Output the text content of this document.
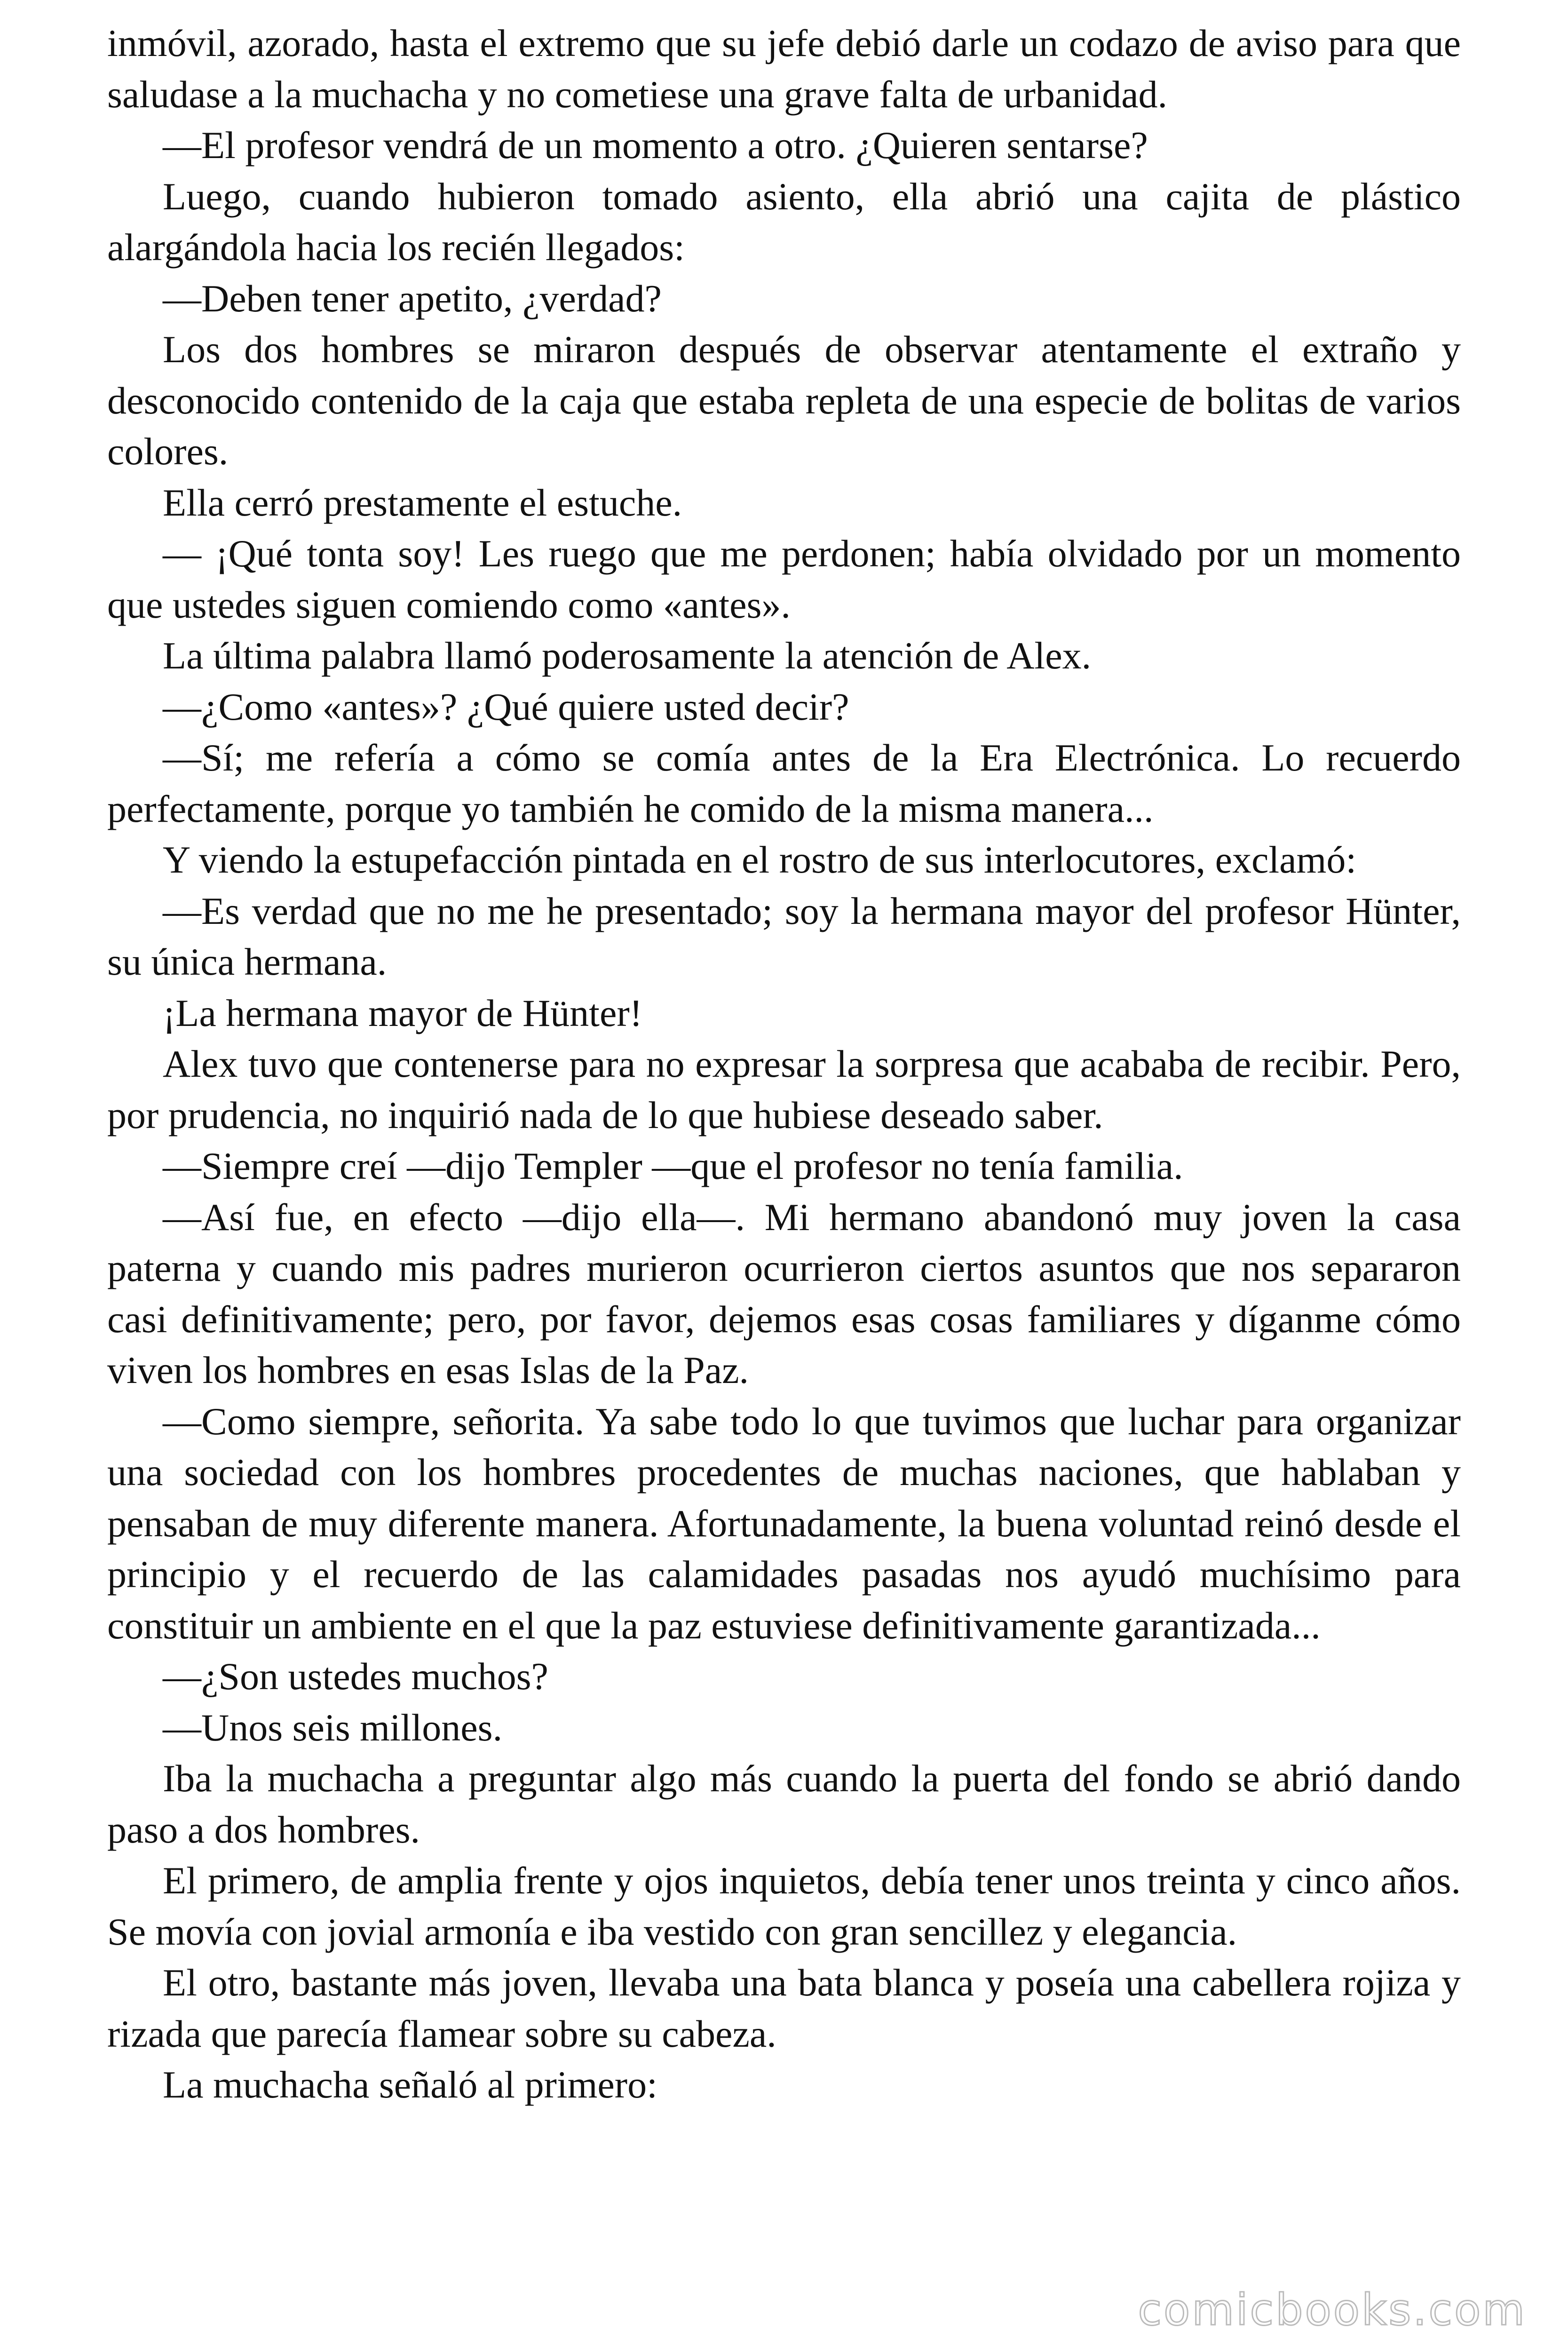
inmóvil, azorado, hasta el extremo que su jefe debió darle un codazo de aviso para que saludase a la muchacha y no cometiese una grave falta de urbanidad.

—El profesor vendrá de un momento a otro. ¿Quieren sentarse?

Luego, cuando hubieron tomado asiento, ella abrió una cajita de plástico alargándola hacia los recién llegados:

—Deben tener apetito, ¿verdad?

Los dos hombres se miraron después de observar atentamente el extraño y desconocido contenido de la caja que estaba repleta de una especie de bolitas de varios colores.

Ella cerró prestamente el estuche.

— ¡Qué tonta soy! Les ruego que me perdonen; había olvidado por un momento que ustedes siguen comiendo como «antes».

La última palabra llamó poderosamente la atención de Alex.

—¿Como «antes»? ¿Qué quiere usted decir?

—Sí; me refería a cómo se comía antes de la Era Electrónica. Lo recuerdo perfectamente, porque yo también he comido de la misma manera...

Y viendo la estupefacción pintada en el rostro de sus interlocutores, exclamó:

—Es verdad que no me he presentado; soy la hermana mayor del profesor Hünter, su única hermana.

¡La hermana mayor de Hünter!

Alex tuvo que contenerse para no expresar la sorpresa que acababa de recibir. Pero, por prudencia, no inquirió nada de lo que hubiese deseado saber.

—Siempre creí —dijo Templer —que el profesor no tenía familia.

—Así fue, en efecto —dijo ella—. Mi hermano abandonó muy joven la casa paterna y cuando mis padres murieron ocurrieron ciertos asuntos que nos separaron casi definitivamente; pero, por favor, dejemos esas cosas familiares y díganme cómo viven los hombres en esas Islas de la Paz.

—Como siempre, señorita. Ya sabe todo lo que tuvimos que luchar para organizar una sociedad con los hombres procedentes de muchas naciones, que hablaban y pensaban de muy diferente manera. Afortunadamente, la buena voluntad reinó desde el principio y el recuerdo de las calamidades pasadas nos ayudó muchísimo para constituir un ambiente en el que la paz estuviese definitivamente garantizada...

—¿Son ustedes muchos?

—Unos seis millones.

Iba la muchacha a preguntar algo más cuando la puerta del fondo se abrió dando paso a dos hombres.

El primero, de amplia frente y ojos inquietos, debía tener unos treinta y cinco años. Se movía con jovial armonía e iba vestido con gran sencillez y elegancia.

El otro, bastante más joven, llevaba una bata blanca y poseía una cabellera rojiza y rizada que parecía flamear sobre su cabeza.

La muchacha señaló al primero:

comicbooks.com
